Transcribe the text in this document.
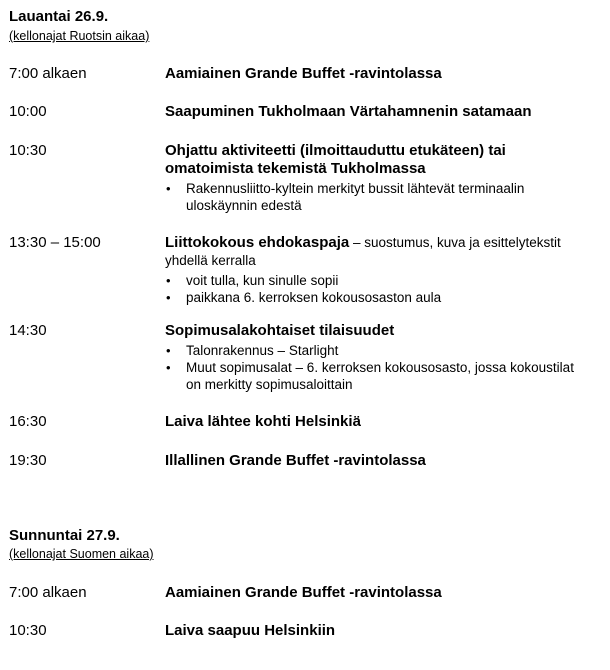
Lauantai 26.9.
(kellonajat Ruotsin aikaa)
7:00 alkaen	Aamiainen Grande Buffet -ravintolassa
10:00	Saapuminen Tukholmaan Värtahamnenin satamaan
10:30	Ohjattu aktiviteetti (ilmoittauduttu etukäteen) tai omatoimista tekemistä Tukholmassa
• Rakennusliitto-kyltein merkityt bussit lähtevät terminaalin uloskäynnin edestä
13:30 – 15:00	Liittokokous ehdokaspaja – suostumus, kuva ja esittelytekstit yhdellä kerralla
• voit tulla, kun sinulle sopii
• paikkana 6. kerroksen kokousosaston aula
14:30	Sopimusalakohtaiset tilaisuudet
• Talonrakennus – Starlight
• Muut sopimusalat – 6. kerroksen kokousosasto, jossa kokoustilat on merkitty sopimusaloittain
16:30	Laiva lähtee kohti Helsinkiä
19:30	Illallinen Grande Buffet -ravintolassa
Sunnuntai 27.9.
(kellonajat Suomen aikaa)
7:00 alkaen	Aamiainen Grande Buffet -ravintolassa
10:30	Laiva saapuu Helsinkiin
